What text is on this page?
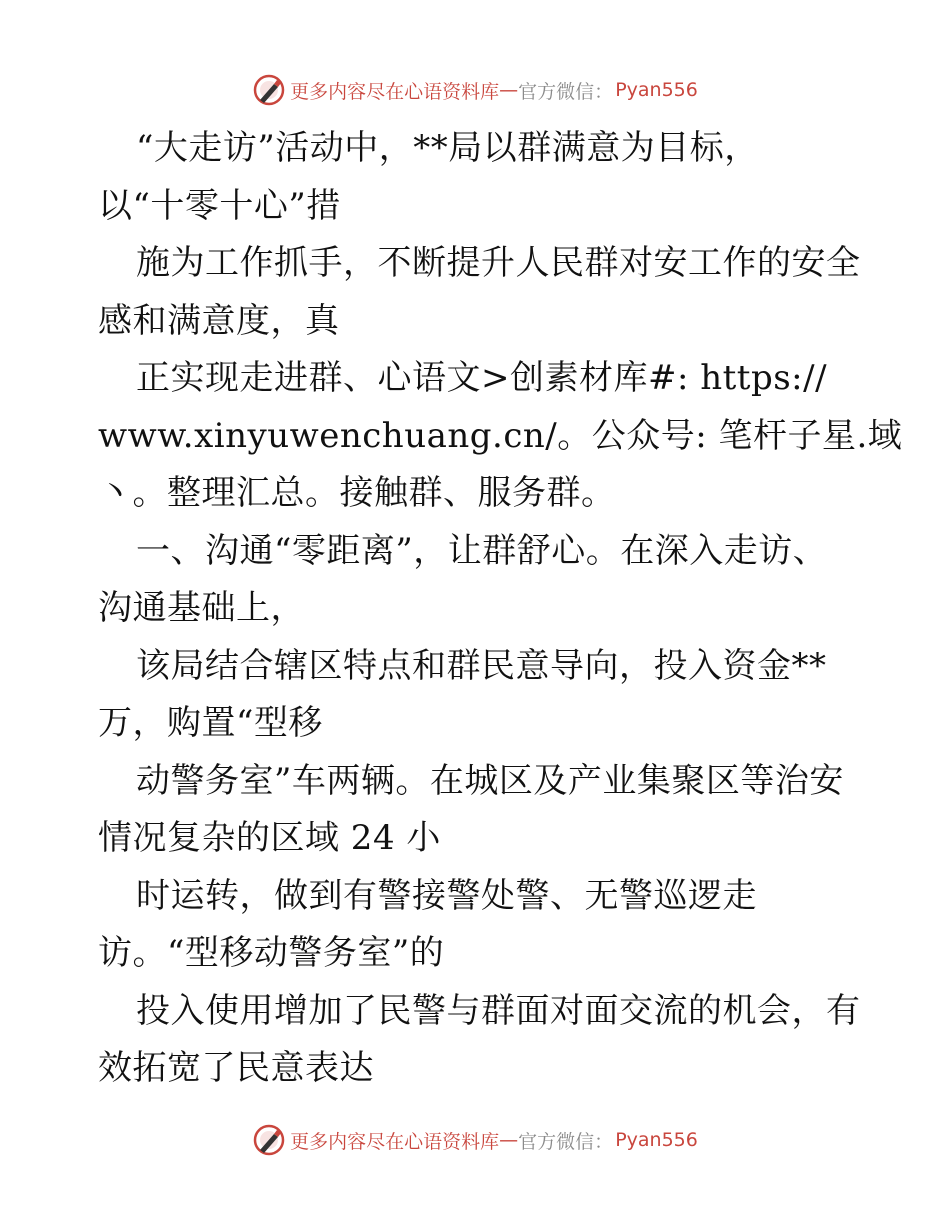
更多内容尽在心语资料库 — 官方微信： Pyan556
“大走访”活动中，**局以群满意为目标，
以“十零十心”措
施为工作抓手，不断提升人民群对安工作的安全
感和满意度，真
正实现走进群、心语文>创素材库#: https://
www.xinyuwenchuang.cn/。公众号: 笔杆子星.域
丶。整理汇总。接触群、服务群。
一、沟通“零距离”，让群舒心。在深入走访、
沟通基础上，
该局结合辖区特点和群民意导向，投入资金**
万，购置“型移
动警务室”车两辆。在城区及产业集聚区等治安
情况复杂的区域 24 小
时运转，做到有警接警处警、无警巡逻走
访。“型移动警务室”的
投入使用增加了民警与群面对面交流的机会，有
效拓宽了民意表达
更多内容尽在心语资料库 — 官方微信： Pyan556
